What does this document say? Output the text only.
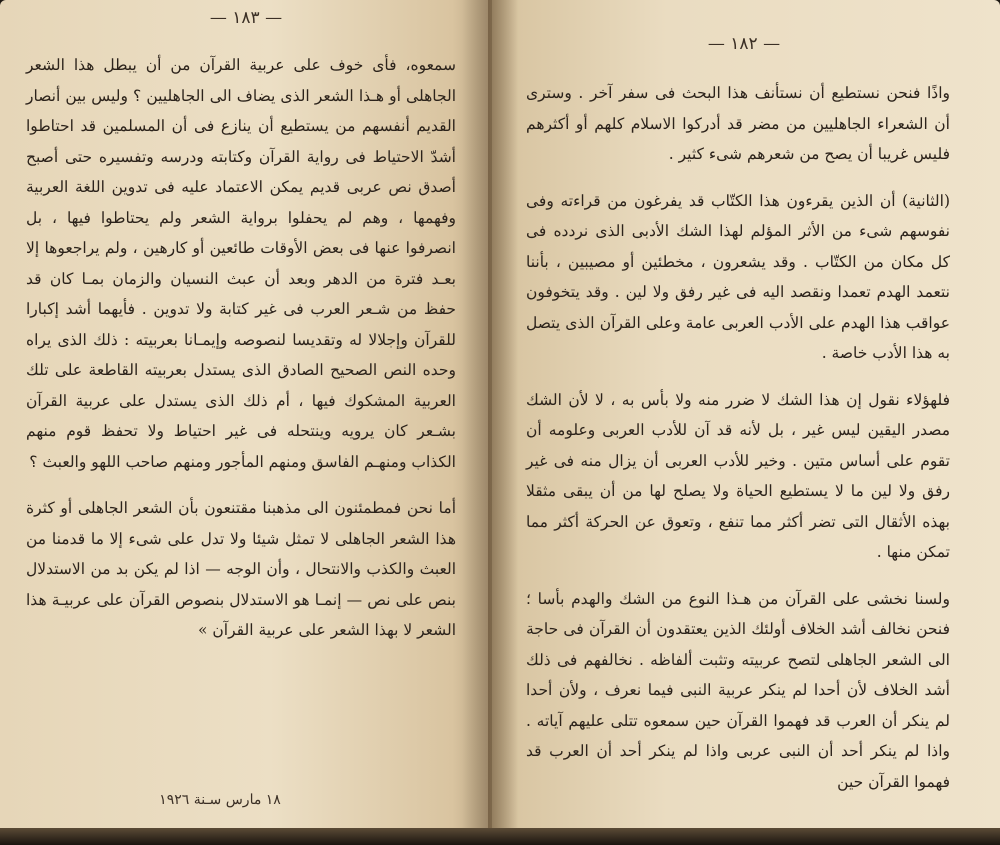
— ١٨٣ —

سمعوه، فأى خوف على عربية القرآن من أن يبطل هذا الشعر الجاهلى أو هـذا الشعر الذى يضاف الى الجاهليين ؟ وليس بين أنصار القديم أنفسهم من يستطيع أن ينازع فى أن المسلمين قد احتاطوا أشدّ الاحتياط فى رواية القرآن وكتابته ودرسه وتفسيره حتى أصبح أصدق نص عربى قديم يمكن الاعتماد عليه فى تدوين اللغة العربية وفهمها ، وهم لم يحفلوا برواية الشعر ولم يحتاطوا فيها ، بل انصرفوا عنها فى بعض الأوقات طائعين أو كارهين ، ولم يراجعوها إلا بعـد فترة من الدهر وبعد أن عبث النسيان والزمان بمـا كان قد حفظ من شـعر العرب فى غير كتابة ولا تدوين . فأيهما أشد إكبارا للقرآن وإجلالا له وتقديسا لنصوصه وإيمـانا بعربيته : ذلك الذى يراه وحده النص الصحيح الصادق الذى يستدل بعربيته القاطعة على تلك العربية المشكوك فيها ، أم ذلك الذى يستدل على عربية القرآن بشـعر كان يرويه وينتحله فى غير احتياط ولا تحفظ قوم منهم الكذاب ومنهـم الفاسق ومنهم المأجور ومنهم صاحب اللهو والعبث ؟

أما نحن فمطمئنون الى مذهبنا مقتنعون بأن الشعر الجاهلى أو كثرة هذا الشعر الجاهلى لا تمثل شيئا ولا تدل على شىء إلا ما قدمنا من العبث والكذب والانتحال ، وأن الوجه — اذا لم يكن بد من الاستدلال بنص على نص — إنمـا هو الاستدلال بنصوص القرآن على عربيـة هذا الشعر لا بهذا الشعر على عربية القرآن »

١٨ مارس سـنة ١٩٢٦
— ١٨٢ —

واذًا فنحن نستطيع أن نستأنف هذا البحث فى سفر آخر . وسترى أن الشعراء الجاهليين من مضر قد أدركوا الاسلام كلهم أو أكثرهم فليس غريبا أن يصح من شعرهم شىء كثير .

(الثانية) أن الذين يقرءون هذا الكتّاب قد يفرغون من قراءته وفى نفوسهم شىء من الأثر المؤلم لهذا الشك الأدبى الذى نردده فى كل مكان من الكتّاب . وقد يشعرون ، مخطئين أو مصيبين ، بأننا نتعمد الهدم تعمدا ونقصد اليه فى غير رفق ولا لين . وقد يتخوفون عواقب هذا الهدم على الأدب العربى عامة وعلى القرآن الذى يتصل به هذا الأدب خاصة .

فلهؤلاء نقول إن هذا الشك لا ضرر منه ولا بأس به ، لا لأن الشك مصدر اليقين ليس غير ، بل لأنه قد آن للأدب العربى وعلومه أن تقوم على أساس متين . وخير للأدب العربى أن يزال منه فى غير رفق ولا لين ما لا يستطيع الحياة ولا يصلح لها من أن يبقى مثقلا بهذه الأثقال التى تضر أكثر مما تنفع ، وتعوق عن الحركة أكثر مما تمكن منها .

ولسنا نخشى على القرآن من هـذا النوع من الشك والهدم بأسا ؛ فنحن نخالف أشد الخلاف أولئك الذين يعتقدون أن القرآن فى حاجة الى الشعر الجاهلى لتصح عربيته وتثبت ألفاظه . نخالفهم فى ذلك أشد الخلاف لأن أحدا لم ينكر عربية النبى فيما نعرف ، ولأن أحدا لم ينكر أن العرب قد فهموا القرآن حين سمعوه تتلى عليهم آياته . واذا لم ينكر أحد أن النبى عربى واذا لم ينكر أحد أن العرب قد فهموا القرآن حين
